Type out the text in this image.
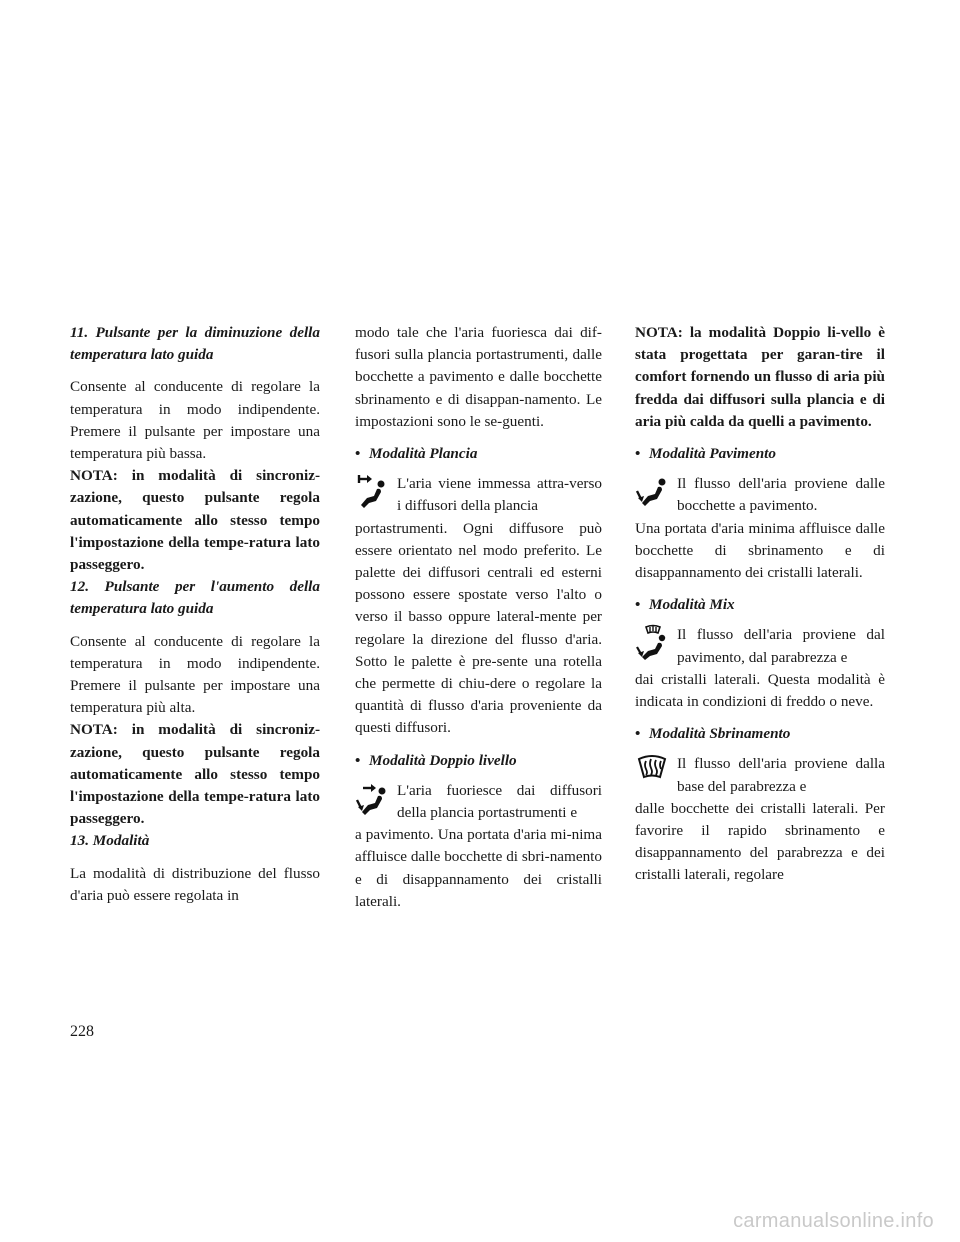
11. Pulsante per la diminuzione della temperatura lato guida

Consente al conducente di regolare la temperatura in modo indipendente. Premere il pulsante per impostare una temperatura più bassa.

NOTA: in modalità di sincroniz-zazione, questo pulsante regola automaticamente allo stesso tempo l'impostazione della tempe-ratura lato passeggero.

12. Pulsante per l'aumento della temperatura lato guida

Consente al conducente di regolare la temperatura in modo indipendente. Premere il pulsante per impostare una temperatura più alta.

NOTA: in modalità di sincroniz-zazione, questo pulsante regola automaticamente allo stesso tempo l'impostazione della tempe-ratura lato passeggero.

13. Modalità

La modalità di distribuzione del flusso d'aria può essere regolata in

modo tale che l'aria fuoriesca dai dif-fusori sulla plancia portastrumenti, dalle bocchette a pavimento e dalle bocchette sbrinamento e di disappan-namento. Le impostazioni sono le se-guenti.

• Modalità Plancia

L'aria viene immessa attra-verso i diffusori della plancia

portastrumenti. Ogni diffusore può essere orientato nel modo preferito. Le palette dei diffusori centrali ed esterni possono essere spostate verso l'alto o verso il basso oppure lateral-mente per regolare la direzione del flusso d'aria. Sotto le palette è pre-sente una rotella che permette di chiu-dere o regolare la quantità di flusso d'aria proveniente da questi diffusori.

• Modalità Doppio livello

L'aria fuoriesce dai diffusori della plancia portastrumenti e

a pavimento. Una portata d'aria mi-nima affluisce dalle bocchette di sbri-namento e di disappannamento dei cristalli laterali.

NOTA: la modalità Doppio li-vello è stata progettata per garan-tire il comfort fornendo un flusso di aria più fredda dai diffusori sulla plancia e di aria più calda da quelli a pavimento.

• Modalità Pavimento

Il flusso dell'aria proviene dalle bocchette a pavimento.

Una portata d'aria minima affluisce dalle bocchette di sbrinamento e di disappannamento dei cristalli laterali.

• Modalità Mix

Il flusso dell'aria proviene dal pavimento, dal parabrezza e

dai cristalli laterali. Questa modalità è indicata in condizioni di freddo o neve.

• Modalità Sbrinamento

Il flusso dell'aria proviene dalla base del parabrezza e

dalle bocchette dei cristalli laterali. Per favorire il rapido sbrinamento e disappannamento del parabrezza e dei cristalli laterali, regolare

228
carmanualsonline.info
